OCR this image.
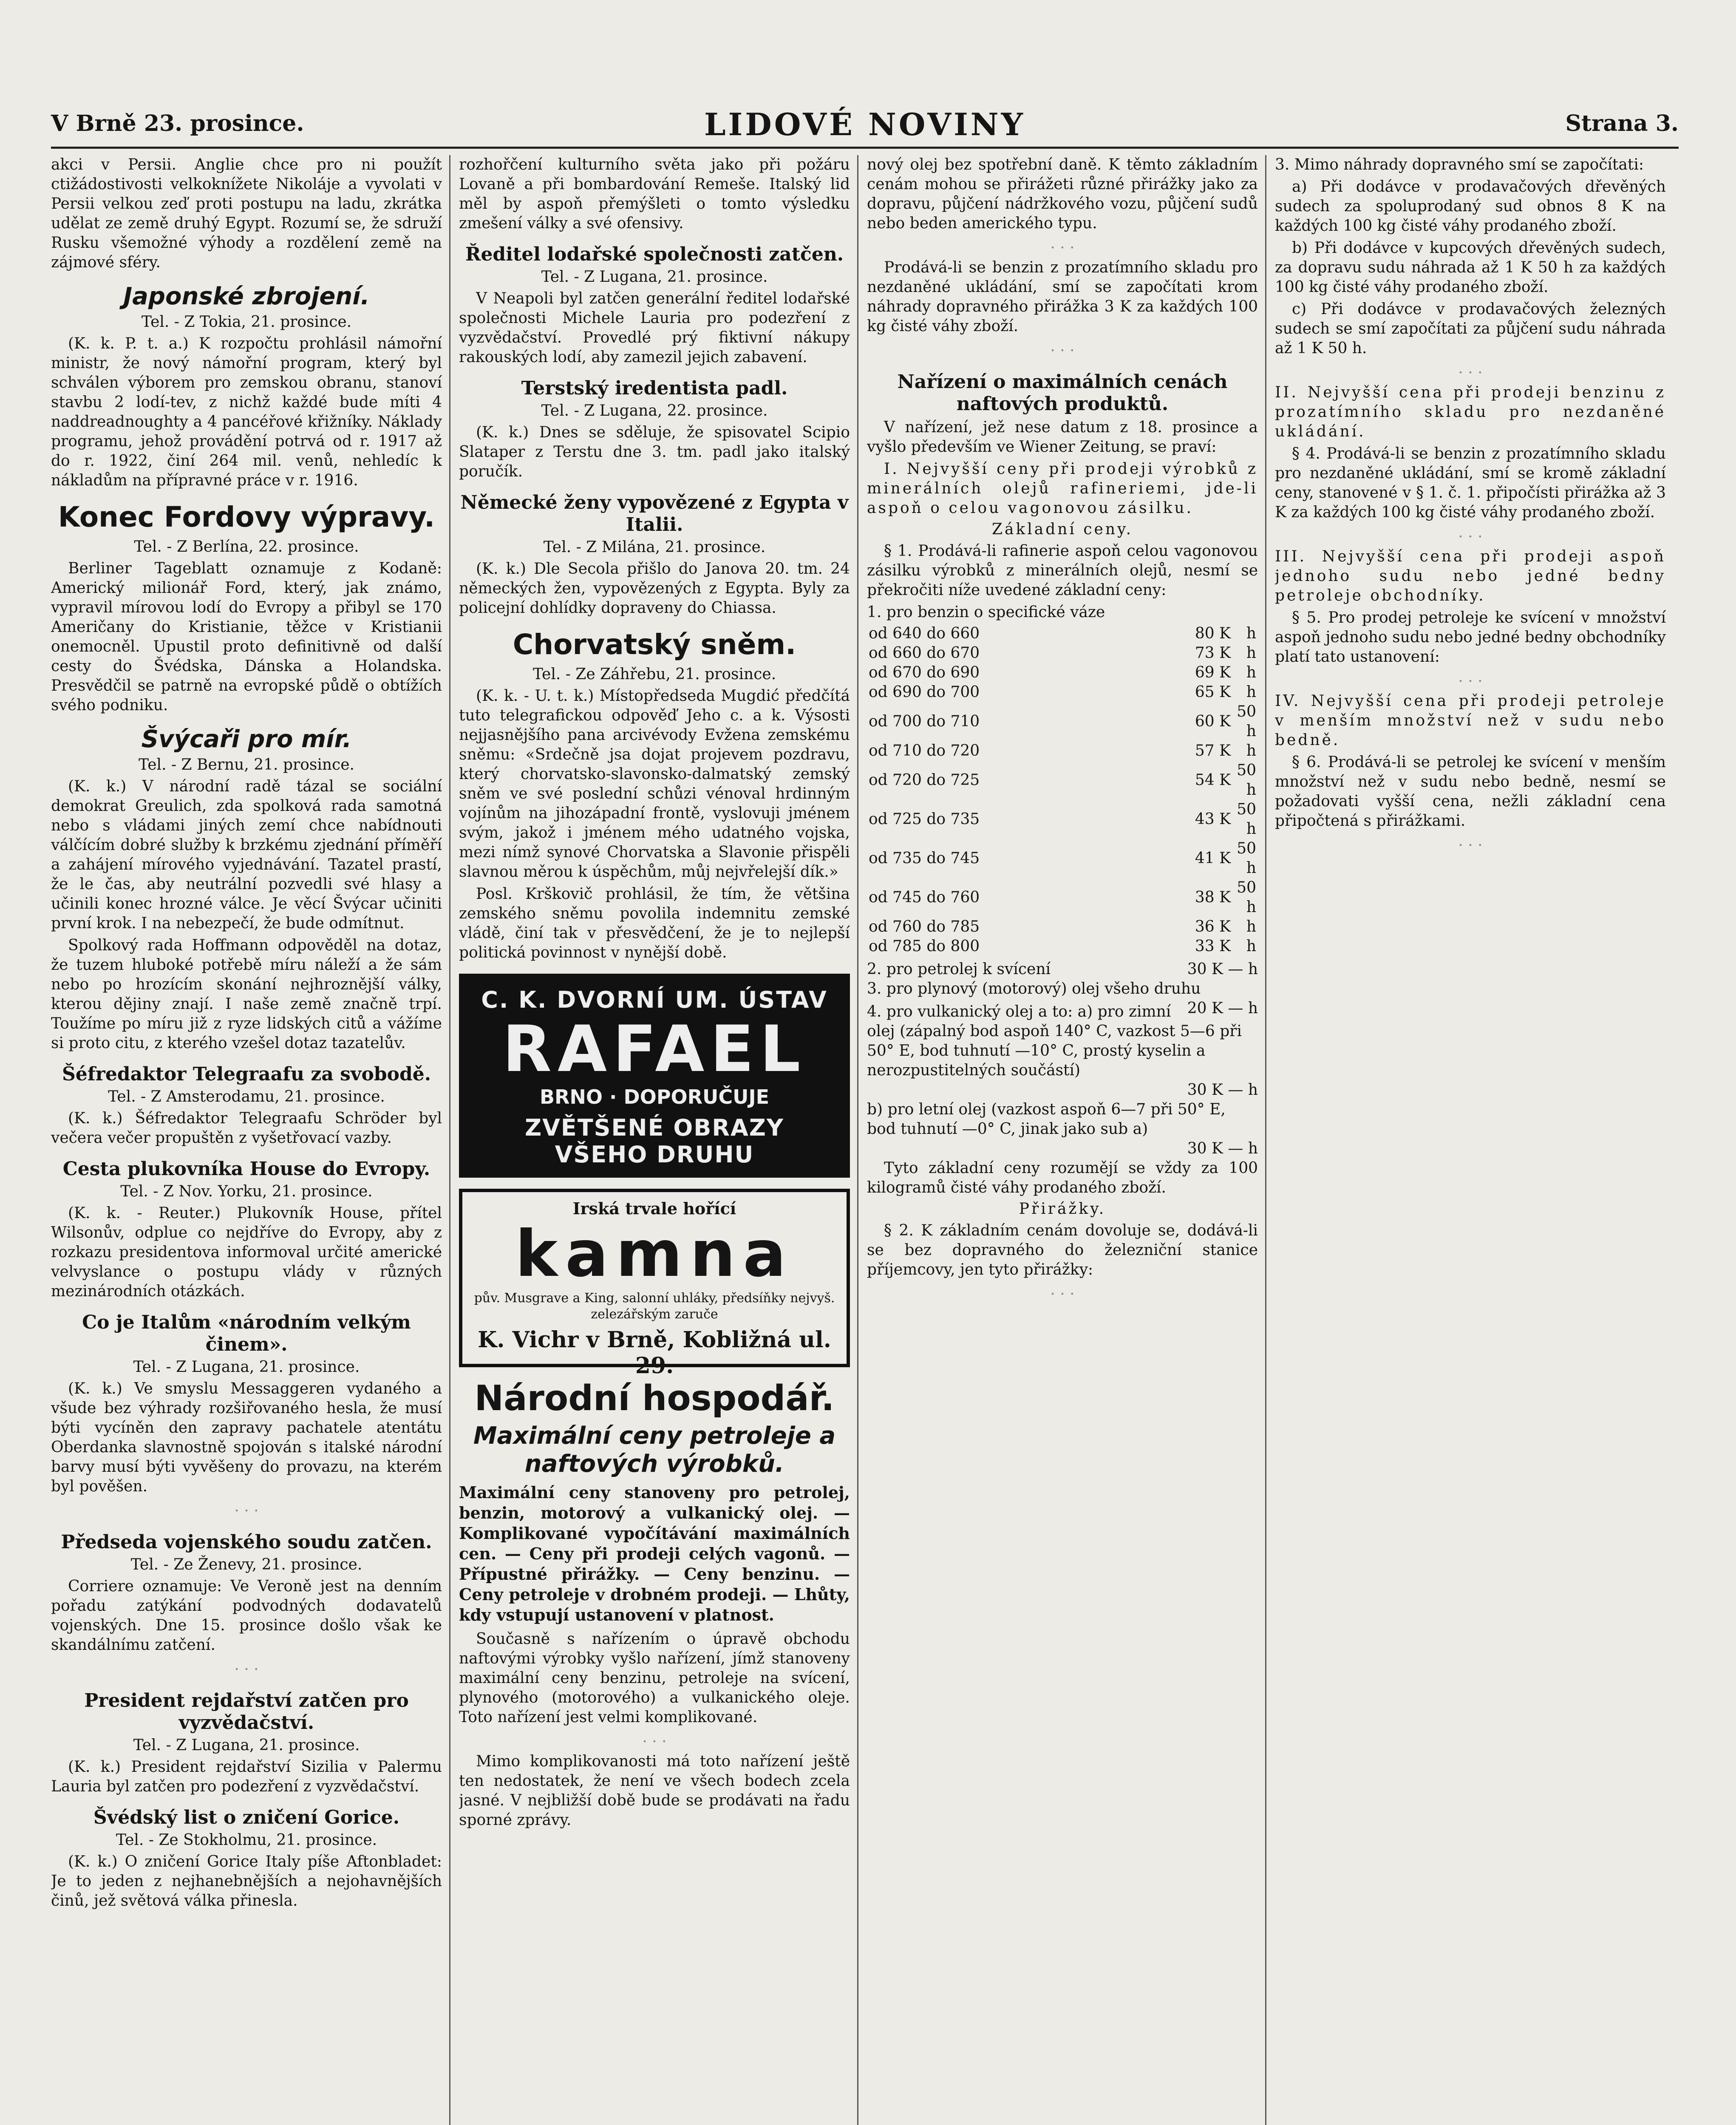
V Brně 23. prosince.	LIDOVÉ NOVINY	Strana 3.
akci v Persii. Anglie chce pro ni použít ctižádostivosti velkoknížete Nikoláje a vyvolati v Persii velkou zeď proti postupu na ladu, zkrátka udělat ze země druhý Egypt. Rozumí se, že sdruží Rusku všemožné výhody a rozdělení země na zájmové sféry.
Japonské zbrojení.
Tel. - Z Tokia, 21. prosince.
(K. k. P. t. a.) K rozpočtu prohlásil námořní ministr, že nový námořní program, který byl schválen výborem pro zemskou obranu, stanoví stavbu 2 lodí-tev, z nichž každé bude míti 4 naddreadnoughty a 4 pancéřové křižníky. Náklady programu, jehož provádění potrvá od r. 1917 až do r. 1922, činí 264 mil. venů, nehledíc k nákladům na přípravné práce v r. 1916.
Konec Fordovy výpravy.
Tel. - Z Berlína, 22. prosince.
Berliner Tageblatt oznamuje z Kodaně: Americký milionář Ford, který, jak známo, vypravil mírovou lodí do Evropy a přibyl se 170 Američany do Kristianie, těžce v Kristianii onemocněl. Upustil proto definitivně od další cesty do Švédska, Dánska a Holandska. Presvědčil se patrně na evropské půdě o obtížích svého podniku.
Švýcaři pro mír.
Tel. - Z Bernu, 21. prosince.
(K. k.) V národní radě tázal se sociální demokrat Greulich, zda spolková rada samotná nebo s vládami jiných zemí chce nabídnouti válčícím dobré služby k brzkému zjednání příměří a zahájení mírového vyjednávání. Tazatel prastí, že le čas, aby neutrální pozvedli své hlasy a učinili konec hrozné válce. Je věcí Švýcar učiniti první krok. I na nebezpečí, že bude odmítnut.
Spolkový rada Hoffmann odpověděl na dotaz, že tuzem hluboké potřebě míru náleží a že sám nebo po hrozícím skonání nejhroznější války, kterou dějiny znají. I naše země značně trpí. Toužíme po míru již z ryze lidských citů a vážíme si proto citu, z kterého vzešel dotaz tazatelův.
Šéfredaktor Telegraafu za svobodě.
Tel. - Z Amsterodamu, 21. prosince.
(K. k.) Šéfredaktor Telegraafu Schröder byl večera večer propuštěn z vyšetřovací vazby.
Cesta plukovníka House do Evropy.
Tel. - Z Nov. Yorku, 21. prosince.
(K. k. - Reuter.) Plukovník House, přítel Wilsonův, odplue co nejdříve do Evropy, aby z rozkazu presidentova informoval určité americké velvyslance o postupu vlády v různých mezinárodních otázkách.
Co je Italům «národním velkým činem».
Tel. - Z Lugana, 21. prosince.
(K. k.) Ve smyslu Messaggeren vydaného a všude bez výhrady rozšiřovaného hesla, že musí býti vycíněn den zapravy pachatele atentátu Oberdanka slavnostně spojován s italské národní barvy musí býti vyvěšeny do provazu, na kterém byl pověšen.
· · ·
Předseda vojenského soudu zatčen.
Tel. - Ze Ženevy, 21. prosince.
Corriere oznamuje: Ve Veroně jest na denním pořadu zatýkání podvodných dodavatelů vojenských. Dne 15. prosince došlo však ke skandálnímu zatčení.
· · ·
President rejdařství zatčen pro vyzvědačství.
Tel. - Z Lugana, 21. prosince.
(K. k.) President rejdařství Sizilia v Palermu Lauria byl zatčen pro podezření z vyzvědačství.
Švédský list o zničení Gorice.
Tel. - Ze Stokholmu, 21. prosince.
(K. k.) O zničení Gorice Italy píše Aftonbladet: Je to jeden z nejhanebnějších a nejohavnějších činů, jež světová válka přinesla.
rozhořčení kulturního světa jako při požáru Lovaně a při bombardování Remeše. Italský lid měl by aspoň přemýšleti o tomto výsledku zmešení války a své ofensivy.
Ředitel lodařské společnosti zatčen.
Tel. - Z Lugana, 21. prosince.
V Neapoli byl zatčen generální ředitel lodařské společnosti Michele Lauria pro podezření z vyzvědačství. Provedlé prý fiktivní nákupy rakouských lodí, aby zamezil jejich zabavení.
Terstský iredentista padl.
Tel. - Z Lugana, 22. prosince.
(K. k.) Dnes se sděluje, že spisovatel Scipio Slataper z Terstu dne 3. tm. padl jako italský poručík.
Německé ženy vypovězené z Egypta v Italii.
Tel. - Z Milána, 21. prosince.
(K. k.) Dle Secola přišlo do Janova 20. tm. 24 německých žen, vypovězených z Egypta. Byly za policejní dohlídky dopraveny do Chiassa.
Chorvatský sněm.
Tel. - Ze Záhřebu, 21. prosince.
(K. k. - U. t. k.) Místopředseda Mugdić předčítá tuto telegrafickou odpověď Jeho c. a k. Výsosti nejjasnějšího pana arcivévody Evžena zemskému sněmu: «Srdečně jsa dojat projevem pozdravu, který chorvatsko-slavonsko-dalmatský zemský sněm ve své poslední schůzi vénoval hrdinným vojínům na jihozápadní frontě, vyslovuji jménem svým, jakož i jménem mého udatného vojska, mezi nímž synové Chorvatska a Slavonie přispěli slavnou měrou k úspěchům, můj nejvřelejší dík.»
Posl. Krškovič prohlásil, že tím, že většina zemského sněmu povolila indemnitu zemské vládě, činí tak v přesvědčení, že je to nejlepší politická povinnost v nynější době.
C. K. DVORNÍ UM. ÚSTAV
RAFAEL
BRNO · DOPORUČUJE
ZVĚTŠENÉ OBRAZY VŠEHO DRUHU
Irská trvale hořící
kamna
pův. Musgrave a King, salonní uhláky, předsíňky nejvyš. zelezářským zaruče
K. Vichr v Brně, Kobližná ul. 29.
Národní hospodář.
Maximální ceny petroleje a naftových výrobků.
Maximální ceny stanoveny pro petrolej, benzin, motorový a vulkanický olej. — Komplikované vypočítávání maximálních cen. — Ceny při prodeji celých vagonů. — Přípustné přirážky. — Ceny benzinu. — Ceny petroleje v drobném prodeji. — Lhůty, kdy vstupují ustanovení v platnost.
Současně s nařízením o úpravě obchodu naftovými výrobky vyšlo nařízení, jímž stanoveny maximální ceny benzinu, petroleje na svícení, plynového (motorového) a vulkanického oleje. Toto nařízení jest velmi komplikované.
· · ·
Mimo komplikovanosti má toto nařízení ještě ten nedostatek, že není ve všech bodech zcela jasné. V nejbližší době bude se prodávati na řadu sporné zprávy.
nový olej bez spotřební daně. K těmto základním cenám mohou se přirážeti různé přirážky jako za dopravu, půjčení nádržkového vozu, půjčení sudů nebo beden amerického typu.
· · ·
Prodává-li se benzin z prozatímního skladu pro nezdaněné ukládání, smí se započítati krom náhrady dopravného přirážka 3 K za každých 100 kg čisté váhy zboží.
· · ·
Nařízení o maximálních cenách naftových produktů.
V nařízení, jež nese datum z 18. prosince a vyšlo především ve Wiener Zeitung, se praví:
I. Nejvyšší ceny při prodeji výrobků z minerálních olejů rafineriemi, jde-li aspoň o celou vagonovou zásilku.
Základní ceny.
§ 1. Prodává-li rafinerie aspoň celou vagonovou zásilku výrobků z minerálních olejů, nesmí se překročiti níže uvedené základní ceny:
1. pro benzin o specifické váze
od 640 do 660	80 K	h
od 660 do 670	73 K	h
od 670 do 690	69 K	h
od 690 do 700	65 K	h
od 700 do 710	60 K	50 h
od 710 do 720	57 K	h
od 720 do 725	54 K	50 h
od 725 do 735	43 K	50 h
od 735 do 745	41 K	50 h
od 745 do 760	38 K	50 h
od 760 do 785	36 K	h
od 785 do 800	33 K	h
2. pro petrolej k svícení	30 K — h
3. pro plynový (motorový) olej všeho druhu
20 K — h
4. pro vulkanický olej a to: a) pro zimní olej (zápalný bod aspoň 140° C, vazkost 5—6 při 50° E, bod tuhnutí —10° C, prostý kyselin a nerozpustitelných součástí)
30 K — h
b) pro letní olej (vazkost aspoň 6—7 při 50° E, bod tuhnutí —0° C, jinak jako sub a)
30 K — h
Tyto základní ceny rozumějí se vždy za 100 kilogramů čisté váhy prodaného zboží.
Přirážky.
§ 2. K základním cenám dovoluje se, dodává-li se bez dopravného do železniční stanice příjemcovy, jen tyto přirážky:
· · ·
3. Mimo náhrady dopravného smí se započítati:
a) Při dodávce v prodavačových dřevěných sudech za spoluprodaný sud obnos 8 K na každých 100 kg čisté váhy prodaného zboží.
b) Při dodávce v kupcových dřevěných sudech, za dopravu sudu náhrada až 1 K 50 h za každých 100 kg čisté váhy prodaného zboží.
c) Při dodávce v prodavačových železných sudech se smí započítati za půjčení sudu náhrada až 1 K 50 h.
· · ·
II. Nejvyšší cena při prodeji benzinu z prozatímního skladu pro nezdaněné ukládání.
§ 4. Prodává-li se benzin z prozatímního skladu pro nezdaněné ukládání, smí se kromě základní ceny, stanovené v § 1. č. 1. připočísti přirážka až 3 K za každých 100 kg čisté váhy prodaného zboží.
· · ·
III. Nejvyšší cena při prodeji aspoň jednoho sudu nebo jedné bedny petroleje obchodníky.
§ 5. Pro prodej petroleje ke svícení v množství aspoň jednoho sudu nebo jedné bedny obchodníky platí tato ustanovení:
· · ·
IV. Nejvyšší cena při prodeji petroleje v menším množství než v sudu nebo bedně.
§ 6. Prodává-li se petrolej ke svícení v menším množství než v sudu nebo bedně, nesmí se požadovati vyšší cena, nežli základní cena připočtená s přirážkami.
· · ·
